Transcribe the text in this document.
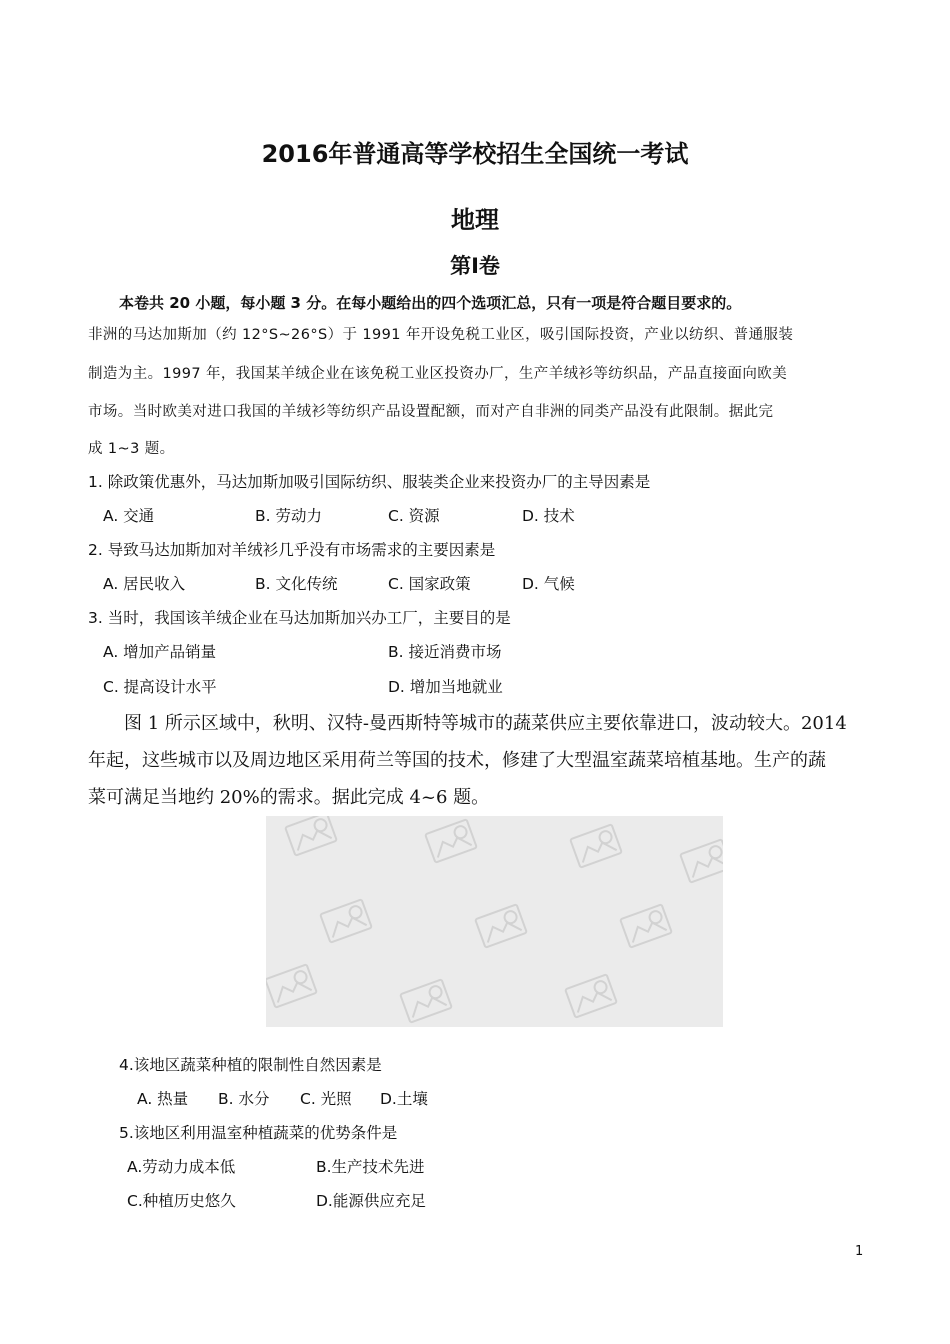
2016年普通高等学校招生全国统一考试
地理
第Ⅰ卷
本卷共 20 小题，每小题 3 分。在每小题给出的四个选项汇总，只有一项是符合题目要求的。
非洲的马达加斯加（约 12°S~26°S）于 1991 年开设免税工业区，吸引国际投资，产业以纺织、普通服装
制造为主。1997 年，我国某羊绒企业在该免税工业区投资办厂，生产羊绒衫等纺织品，产品直接面向欧美
市场。当时欧美对进口我国的羊绒衫等纺织产品设置配额，而对产自非洲的同类产品没有此限制。据此完
成 1~3 题。
1. 除政策优惠外，马达加斯加吸引国际纺织、服装类企业来投资办厂的主导因素是
A. 交通	B. 劳动力	C. 资源	D. 技术
2. 导致马达加斯加对羊绒衫几乎没有市场需求的主要因素是
A. 居民收入	B. 文化传统	C. 国家政策	D. 气候
3. 当时，我国该羊绒企业在马达加斯加兴办工厂，主要目的是
A. 增加产品销量	B. 接近消费市场
C. 提高设计水平	D. 增加当地就业
图 1 所示区域中，秋明、汉特-曼西斯特等城市的蔬菜供应主要依靠进口，波动较大。2014
年起，这些城市以及周边地区采用荷兰等国的技术，修建了大型温室蔬菜培植基地。生产的蔬
菜可满足当地约 20%的需求。据此完成 4~6 题。
4.该地区蔬菜种植的限制性自然因素是
A. 热量 B. 水分 C. 光照 D.土壤
5.该地区利用温室种植蔬菜的优势条件是
A.劳动力成本低	B.生产技术先进
C.种植历史悠久	D.能源供应充足
1
